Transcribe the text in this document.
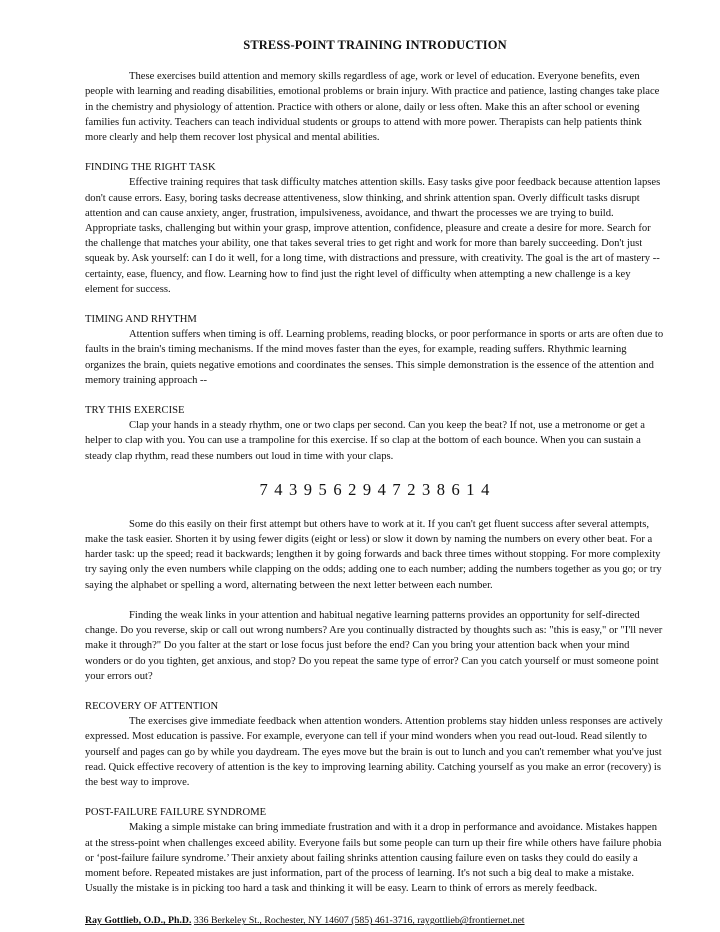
STRESS-POINT TRAINING INTRODUCTION

These exercises build attention and memory skills regardless of age, work or level of education. Everyone benefits, even people with learning and reading disabilities, emotional problems or brain injury. With practice and patience, lasting changes take place in the chemistry and physiology of attention. Practice with others or alone, daily or less often. Make this an after school or evening families fun activity. Teachers can teach individual students or groups to attend with more power. Therapists can help patients think more clearly and help them recover lost physical and mental abilities.

FINDING THE RIGHT TASK

Effective training requires that task difficulty matches attention skills. Easy tasks give poor feedback because attention lapses don't cause errors. Easy, boring tasks decrease attentiveness, slow thinking, and shrink attention span. Overly difficult tasks disrupt attention and can cause anxiety, anger, frustration, impulsiveness, avoidance, and thwart the processes we are trying to build. Appropriate tasks, challenging but within your grasp, improve attention, confidence, pleasure and create a desire for more. Search for the challenge that matches your ability, one that takes several tries to get right and work for more than barely succeeding. Don't just squeak by. Ask yourself: can I do it well, for a long time, with distractions and pressure, with creativity. The goal is the art of mastery -- certainty, ease, fluency, and flow. Learning how to find just the right level of difficulty when attempting a new challenge is a key element for success.

TIMING AND RHYTHM

Attention suffers when timing is off. Learning problems, reading blocks, or poor performance in sports or arts are often due to faults in the brain's timing mechanisms. If the mind moves faster than the eyes, for example, reading suffers. Rhythmic learning organizes the brain, quiets negative emotions and coordinates the senses. This simple demonstration is the essence of the attention and memory training approach --

TRY THIS EXERCISE

Clap your hands in a steady rhythm, one or two claps per second. Can you keep the beat? If not, use a metronome or get a helper to clap with you. You can use a trampoline for this exercise. If so clap at the bottom of each bounce. When you can sustain a steady clap rhythm, read these numbers out loud in time with your claps.

7 4 3 9 5 6 2 9 4 7 2 3 8 6 1 4

Some do this easily on their first attempt but others have to work at it. If you can't get fluent success after several attempts, make the task easier. Shorten it by using fewer digits (eight or less) or slow it down by naming the numbers on every other beat. For a harder task: up the speed; read it backwards; lengthen it by going forwards and back three times without stopping. For more complexity try saying only the even numbers while clapping on the odds; adding one to each number; adding the numbers together as you go; or try saying the alphabet or spelling a word, alternating between the next letter between each number.

Finding the weak links in your attention and habitual negative learning patterns provides an opportunity for self-directed change. Do you reverse, skip or call out wrong numbers? Are you continually distracted by thoughts such as: "this is easy," or "I'll never make it through?" Do you falter at the start or lose focus just before the end? Can you bring your attention back when your mind wonders or do you tighten, get anxious, and stop? Do you repeat the same type of error? Can you catch yourself or must someone point your errors out?

RECOVERY OF ATTENTION

The exercises give immediate feedback when attention wonders. Attention problems stay hidden unless responses are actively expressed. Most education is passive. For example, everyone can tell if your mind wonders when you read out-loud. Read silently to yourself and pages can go by while you daydream. The eyes move but the brain is out to lunch and you can't remember what you've just read. Quick effective recovery of attention is the key to improving learning ability. Catching yourself as you make an error (recovery) is the best way to improve.

POST-FAILURE FAILURE SYNDROME

Making a simple mistake can bring immediate frustration and with it a drop in performance and avoidance. Mistakes happen at the stress-point when challenges exceed ability. Everyone fails but some people can turn up their fire while others have failure phobia or ‘post-failure failure syndrome.’ Their anxiety about failing shrinks attention causing failure even on tasks they could do easily a moment before. Repeated mistakes are just information, part of the process of learning. It's not such a big deal to make a mistake. Usually the mistake is in picking too hard a task and thinking it will be easy. Learn to think of errors as merely feedback.

Ray Gottlieb, O.D., Ph.D. 336 Berkeley St., Rochester, NY 14607 (585) 461-3716, raygottlieb@frontiernet.net
